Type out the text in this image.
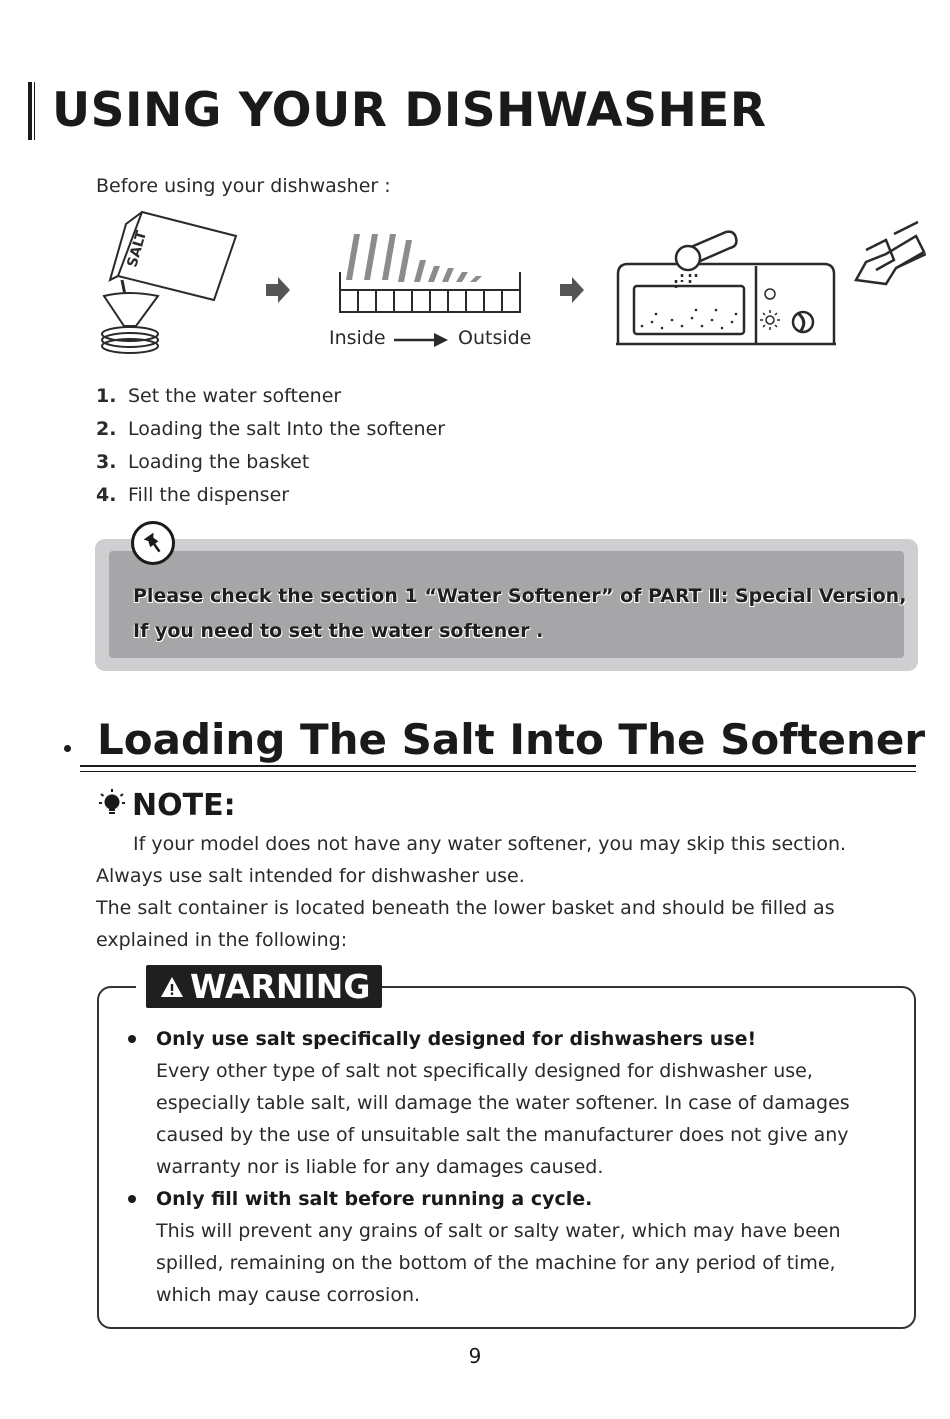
USING YOUR DISHWASHER
Before using your dishwasher :
SALT
Inside	Outside
1. Set the water softener
2. Loading the salt Into the softener
3. Loading the basket
4. Fill the dispenser
Please check the section 1 “Water Softener” of PART Ⅱ: Special Version,
If you need to set the water softener .
Loading The Salt Into The Softener
NOTE:

If your model does not have any water softener, you may skip this section.

Always use salt intended for dishwasher use.

The salt container is located beneath the lower basket and should be filled as explained in the following:

WARNING
Only use salt specifically designed for dishwashers use!
Every other type of salt not specifically designed for dishwasher use, especially table salt, will damage the water softener. In case of damages caused by the use of unsuitable salt the manufacturer does not give any warranty nor is liable for any damages caused.
Only fill with salt before running a cycle.
This will prevent any grains of salt or salty water, which may have been spilled, remaining on the bottom of the machine for any period of time, which may cause corrosion.
9
